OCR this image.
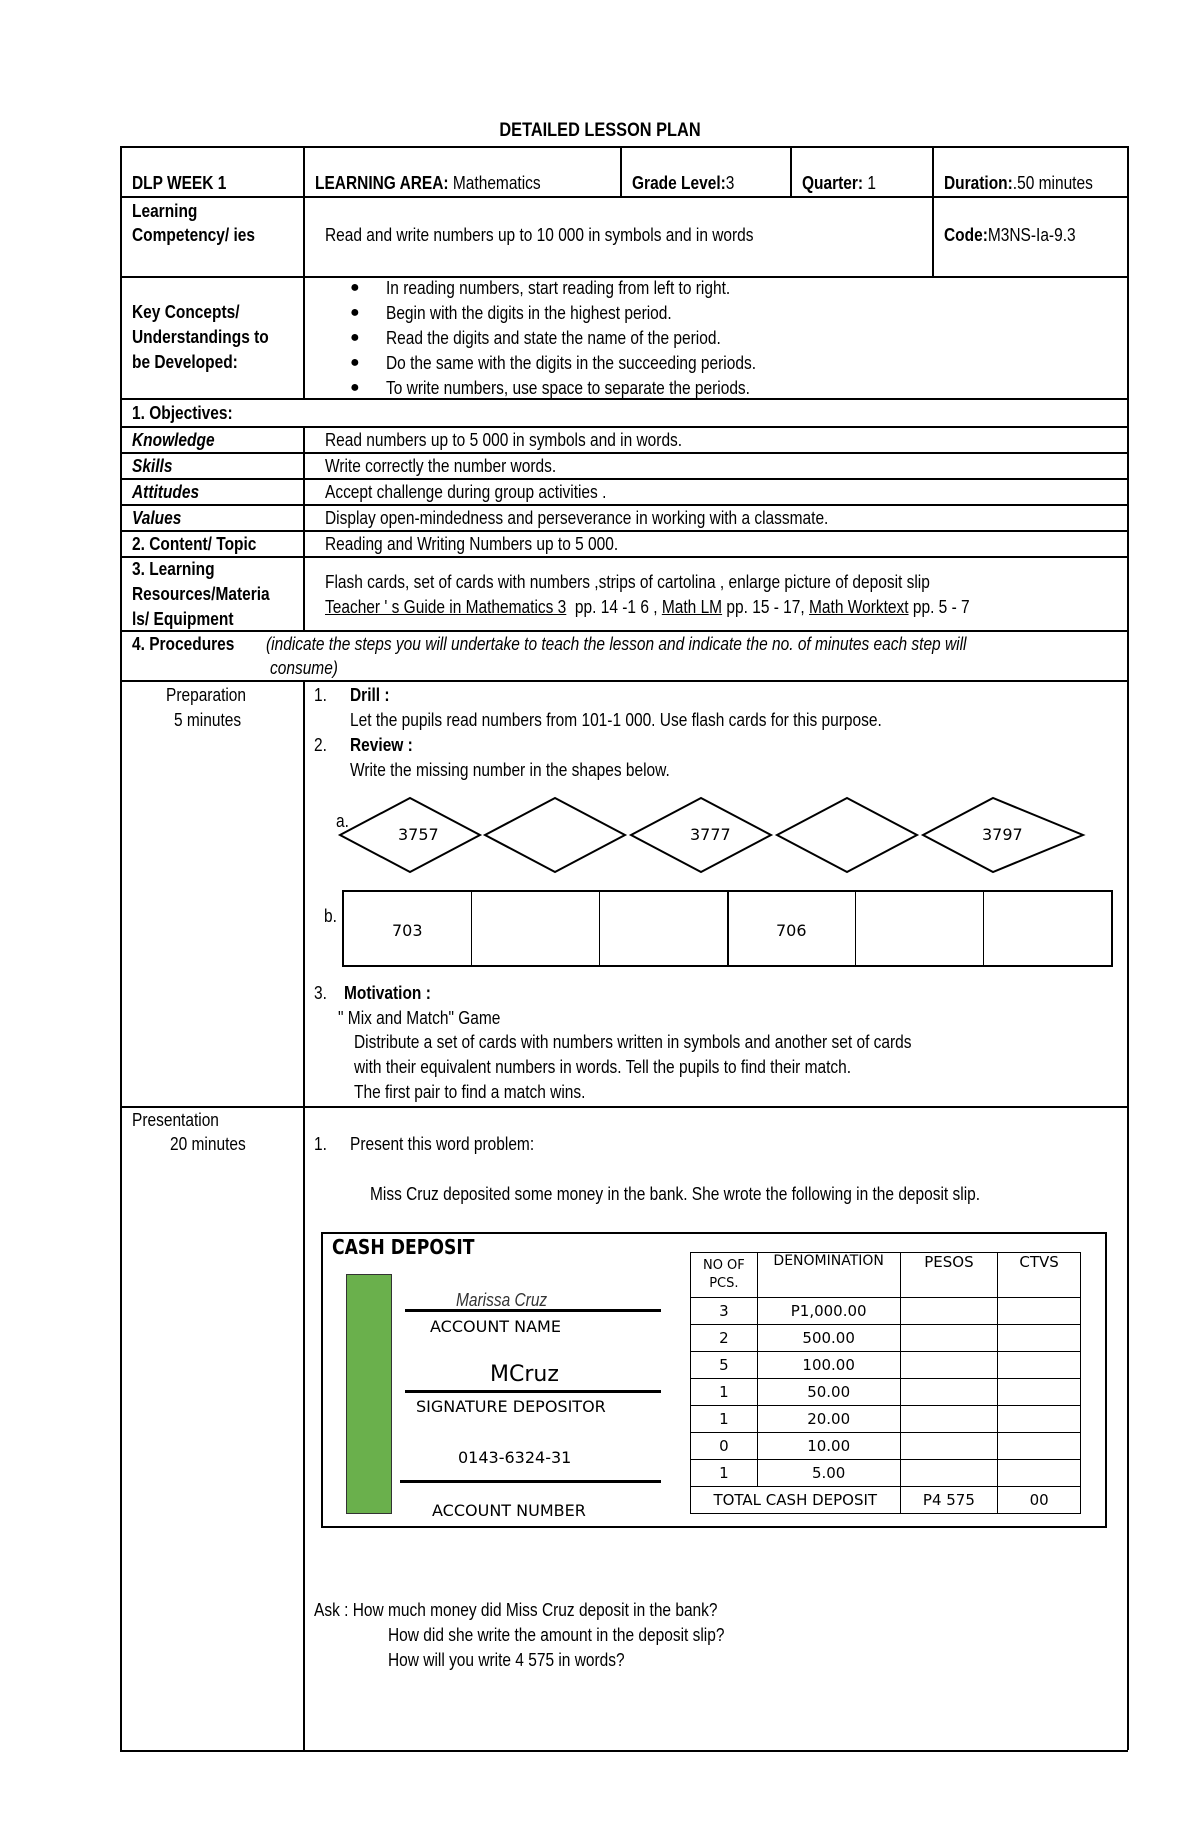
DETAILED LESSON PLAN
DLP WEEK 1	LEARNING AREA: Mathematics	Grade Level:3	Quarter: 1	Duration:.50 minutes
Learning
Competency/ ies	Read and write numbers up to 10 000 in symbols and in words	Code:M3NS-Ia-9.3
Key Concepts/
Understandings to
be Developed:
● In reading numbers, start reading from left to right.
● Begin with the digits in the highest period.
● Read the digits and state the name of the period.
● Do the same with the digits in the succeeding periods.
● To write numbers, use space to separate the periods.
1. Objectives:
Knowledge	Read numbers up to 5 000 in symbols and in words.
Skills	Write correctly the number words.
Attitudes	Accept challenge during group activities .
Values	Display open-mindedness and perseverance in working with a classmate.
2. Content/ Topic	Reading and Writing Numbers up to 5 000.
3. Learning
Resources/Materia
ls/ Equipment
Flash cards, set of cards with numbers ,strips of cartolina , enlarge picture of deposit slip
Teacher ' s Guide in Mathematics 3 pp. 14 -1 6 , Math LM pp. 15 - 17, Math Worktext pp. 5 - 7
4. Procedures	(indicate the steps you will undertake to teach the lesson and indicate the no. of minutes each step will
consume)
Preparation
5 minutes
1. Drill :
Let the pupils read numbers from 101-1 000. Use flash cards for this purpose.
2. Review :
Write the missing number in the shapes below.
a.
3757	3777	3797
b.
703	706
3. Motivation :
" Mix and Match" Game
Distribute a set of cards with numbers written in symbols and another set of cards
with their equivalent numbers in words. Tell the pupils to find their match.
The first pair to find a match wins.
Presentation
20 minutes	1. Present this word problem:
Miss Cruz deposited some money in the bank. She wrote the following in the deposit slip.
CASH DEPOSIT
Marissa Cruz
ACCOUNT NAME
MCruz
SIGNATURE DEPOSITOR
0143-6324-31
ACCOUNT NUMBER
NO OF PCS.	DENOMINATION	PESOS	CTVS
3	P1,000.00		
2	500.00		
5	100.00		
1	50.00		
1	20.00		
0	10.00		
1	5.00		
TOTAL CASH DEPOSIT		P4 575	00
Ask : How much money did Miss Cruz deposit in the bank?
How did she write the amount in the deposit slip?
How will you write 4 575 in words?
